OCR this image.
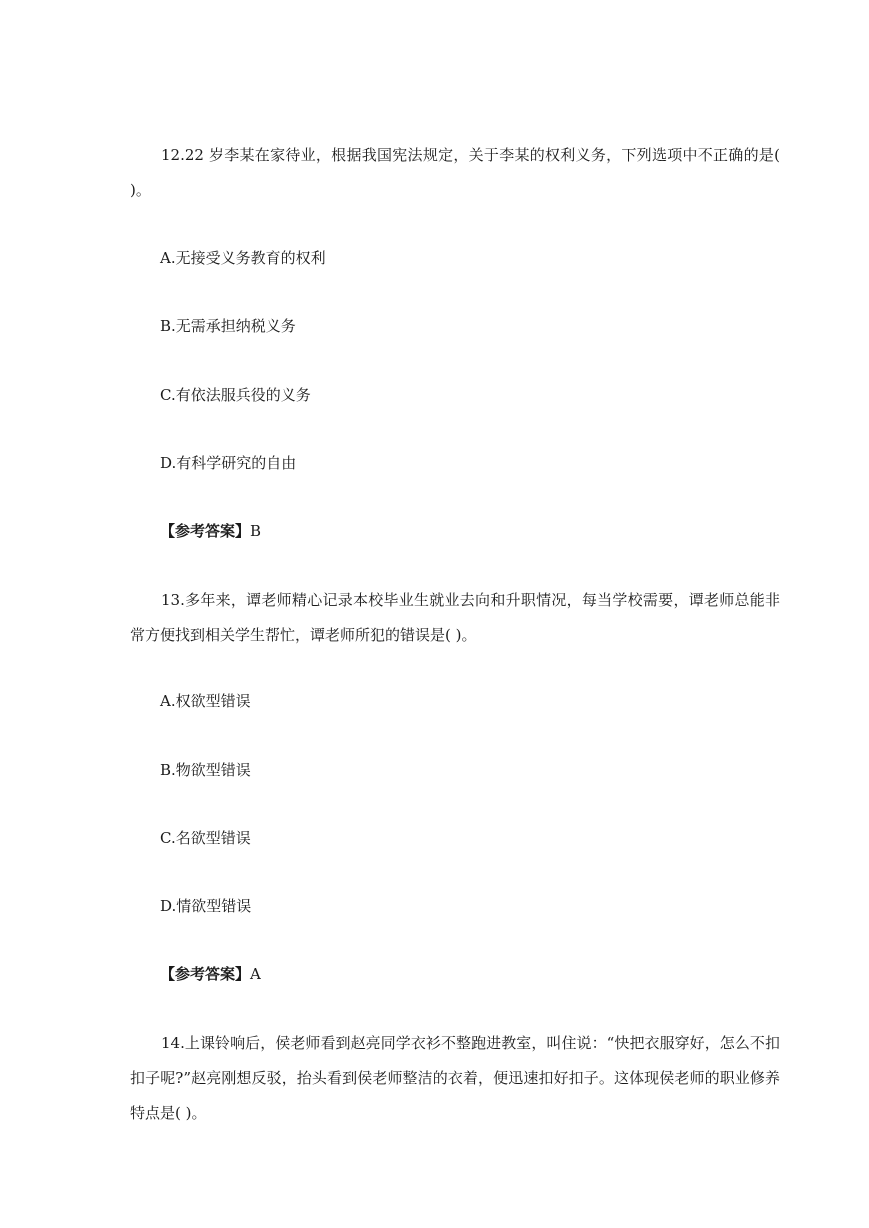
12.22 岁李某在家待业，根据我国宪法规定，关于李某的权利义务，下列选项中不正确的是( )。

A.无接受义务教育的权利

B.无需承担纳税义务

C.有依法服兵役的义务

D.有科学研究的自由

【参考答案】B

13.多年来，谭老师精心记录本校毕业生就业去向和升职情况，每当学校需要，谭老师总能非常方便找到相关学生帮忙，谭老师所犯的错误是( )。

A.权欲型错误

B.物欲型错误

C.名欲型错误

D.情欲型错误

【参考答案】A

14.上课铃响后，侯老师看到赵亮同学衣衫不整跑进教室，叫住说：“快把衣服穿好，怎么不扣扣子呢?”赵亮刚想反驳，抬头看到侯老师整洁的衣着，便迅速扣好扣子。这体现侯老师的职业修养特点是( )。
